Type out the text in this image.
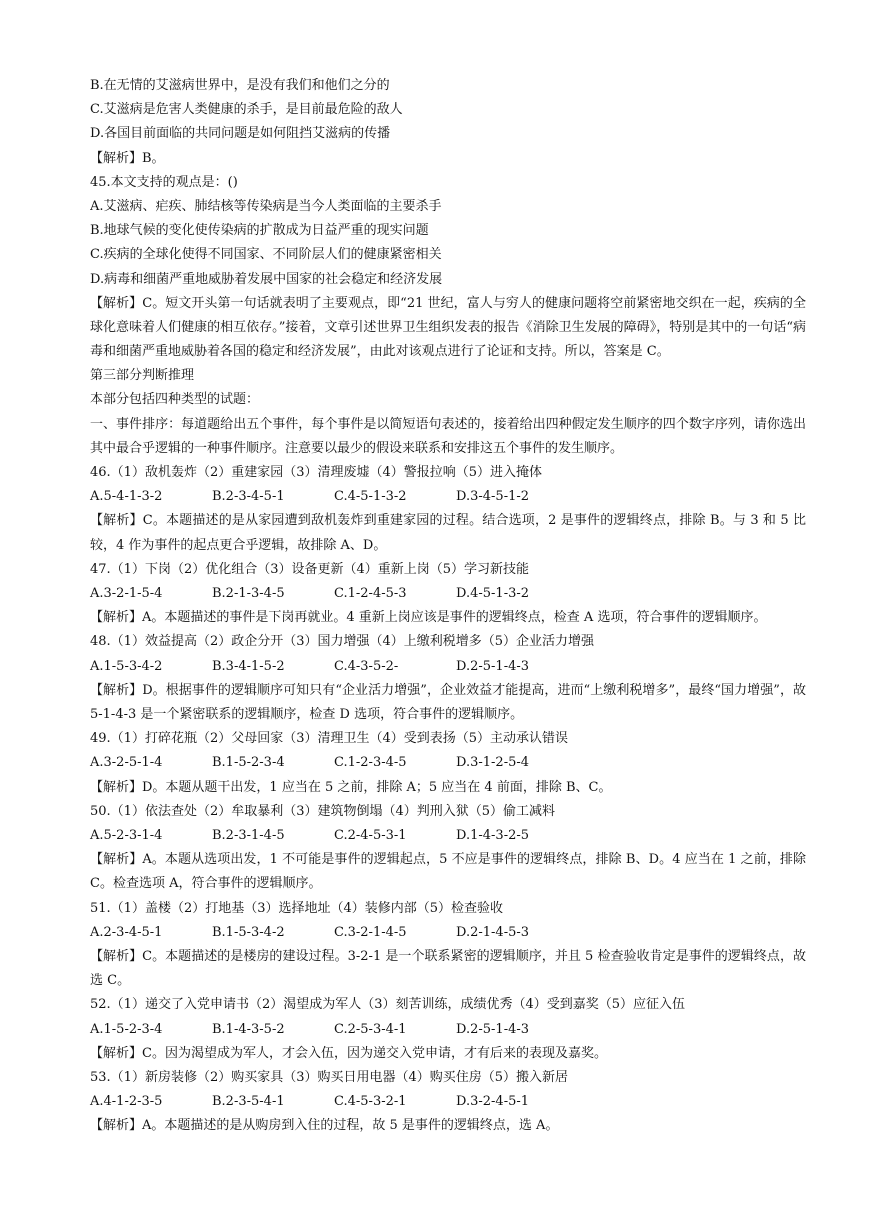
B.在无情的艾滋病世界中，是没有我们和他们之分的
C.艾滋病是危害人类健康的杀手，是目前最危险的敌人
D.各国目前面临的共同问题是如何阻挡艾滋病的传播
【解析】B。
45.本文支持的观点是：()
A.艾滋病、疟疾、肺结核等传染病是当今人类面临的主要杀手
B.地球气候的变化使传染病的扩散成为日益严重的现实问题
C.疾病的全球化使得不同国家、不同阶层人们的健康紧密相关
D.病毒和细菌严重地威胁着发展中国家的社会稳定和经济发展
【解析】C。短文开头第一句话就表明了主要观点，即“21 世纪，富人与穷人的健康问题将空前紧密地交织在一起，疾病的全球化意味着人们健康的相互依存。”接着，文章引述世界卫生组织发表的报告《消除卫生发展的障碍》，特别是其中的一句话“病毒和细菌严重地威胁着各国的稳定和经济发展”，由此对该观点进行了论证和支持。所以，答案是 C。
第三部分判断推理
本部分包括四种类型的试题：
一、事件排序：每道题给出五个事件，每个事件是以简短语句表述的，接着给出四种假定发生顺序的四个数字序列，请你选出其中最合乎逻辑的一种事件顺序。注意要以最少的假设来联系和安排这五个事件的发生顺序。
46.（1）敌机轰炸（2）重建家园（3）清理废墟（4）警报拉响（5）进入掩体
A.5-4-1-3-2	B.2-3-4-5-1	C.4-5-1-3-2	D.3-4-5-1-2
【解析】C。本题描述的是从家园遭到敌机轰炸到重建家园的过程。结合选项，2 是事件的逻辑终点，排除 B。与 3 和 5 比较，4 作为事件的起点更合乎逻辑，故排除 A、D。
47.（1）下岗（2）优化组合（3）设备更新（4）重新上岗（5）学习新技能
A.3-2-1-5-4	B.2-1-3-4-5	C.1-2-4-5-3	D.4-5-1-3-2
【解析】A。本题描述的事件是下岗再就业。4 重新上岗应该是事件的逻辑终点，检查 A 选项，符合事件的逻辑顺序。
48.（1）效益提高（2）政企分开（3）国力增强（4）上缴利税增多（5）企业活力增强
A.1-5-3-4-2	B.3-4-1-5-2	C.4-3-5-2-	D.2-5-1-4-3
【解析】D。根据事件的逻辑顺序可知只有“企业活力增强”，企业效益才能提高，进而“上缴利税增多”，最终“国力增强”，故 5-1-4-3 是一个紧密联系的逻辑顺序，检查 D 选项，符合事件的逻辑顺序。
49.（1）打碎花瓶（2）父母回家（3）清理卫生（4）受到表扬（5）主动承认错误
A.3-2-5-1-4	B.1-5-2-3-4	C.1-2-3-4-5	D.3-1-2-5-4
【解析】D。本题从题干出发，1 应当在 5 之前，排除 A；5 应当在 4 前面，排除 B、C。
50.（1）依法查处（2）牟取暴利（3）建筑物倒塌（4）判刑入狱（5）偷工减料
A.5-2-3-1-4	B.2-3-1-4-5	C.2-4-5-3-1	D.1-4-3-2-5
【解析】A。本题从选项出发，1 不可能是事件的逻辑起点，5 不应是事件的逻辑终点，排除 B、D。4 应当在 1 之前，排除 C。检查选项 A，符合事件的逻辑顺序。
51.（1）盖楼（2）打地基（3）选择地址（4）装修内部（5）检查验收
A.2-3-4-5-1	B.1-5-3-4-2	C.3-2-1-4-5	D.2-1-4-5-3
【解析】C。本题描述的是楼房的建设过程。3-2-1 是一个联系紧密的逻辑顺序，并且 5 检查验收肯定是事件的逻辑终点，故选 C。
52.（1）递交了入党申请书（2）渴望成为军人（3）刻苦训练，成绩优秀（4）受到嘉奖（5）应征入伍
A.1-5-2-3-4	B.1-4-3-5-2	C.2-5-3-4-1	D.2-5-1-4-3
【解析】C。因为渴望成为军人，才会入伍，因为递交入党申请，才有后来的表现及嘉奖。
53.（1）新房装修（2）购买家具（3）购买日用电器（4）购买住房（5）搬入新居
A.4-1-2-3-5	B.2-3-5-4-1	C.4-5-3-2-1	D.3-2-4-5-1
【解析】A。本题描述的是从购房到入住的过程，故 5 是事件的逻辑终点，选 A。
